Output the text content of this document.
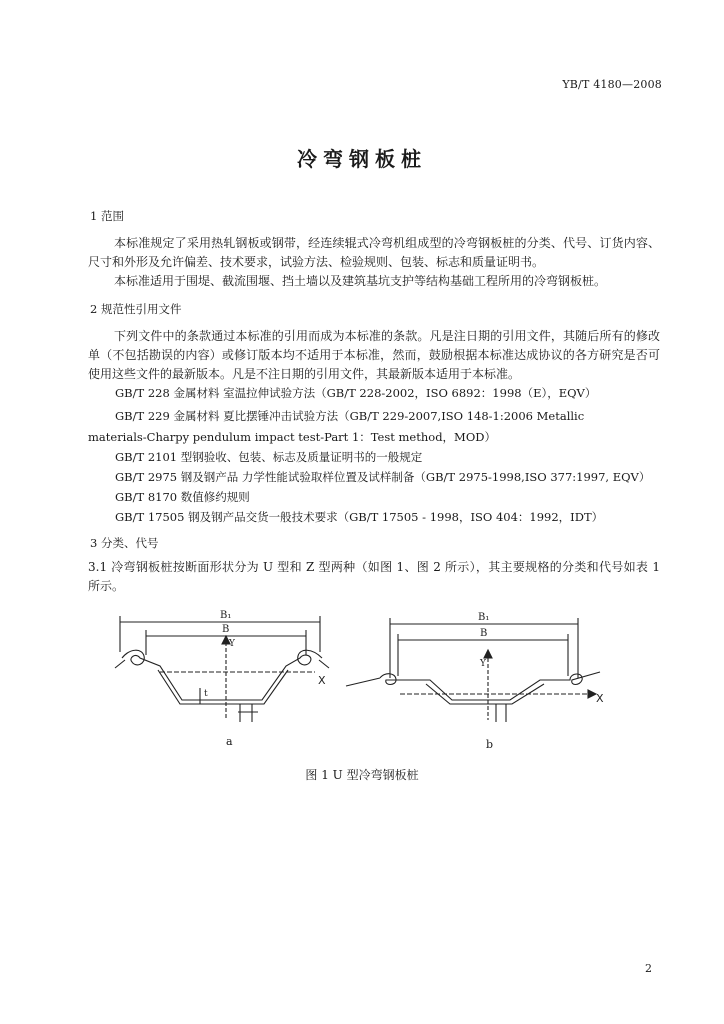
YB/T 4180—2008
冷弯钢板桩
1 范围

本标准规定了采用热轧钢板或钢带，经连续辊式冷弯机组成型的冷弯钢板桩的分类、代号、订货内容、尺寸和外形及允许偏差、技术要求，试验方法、检验规则、包装、标志和质量证明书。

本标准适用于围堤、截流围堰、挡土墙以及建筑基坑支护等结构基础工程所用的冷弯钢板桩。

2 规范性引用文件

下列文件中的条款通过本标准的引用而成为本标准的条款。凡是注日期的引用文件，其随后所有的修改单（不包括勘误的内容）或修订版本均不适用于本标准，然而，鼓励根据本标准达成协议的各方研究是否可使用这些文件的最新版本。凡是不注日期的引用文件，其最新版本适用于本标准。

GB/T 228 金属材料 室温拉伸试验方法（GB/T 228-2002，ISO 6892：1998（E），EQV）
GB/T 229 金属材料 夏比摆锤冲击试验方法（GB/T 229-2007,ISO 148-1:2006 Metallic
materials-Charpy pendulum impact test-Part 1：Test method，MOD）
GB/T 2101 型钢验收、包装、标志及质量证明书的一般规定
GB/T 2975 钢及钢产品 力学性能试验取样位置及试样制备（GB/T 2975-1998,ISO 377:1997, EQV）
GB/T 8170 数值修约规则
GB/T 17505 钢及钢产品交货一般技术要求（GB/T 17505 - 1998，ISO 404：1992，IDT）
3 分类、代号

3.1 冷弯钢板桩按断面形状分为 U 型和 Z 型两种（如图 1、图 2 所示），其主要规格的分类和代号如表 1 所示。

B₁
B
Y
X
t
B₁
B
Y
X
a	b
图 1 U 型冷弯钢板桩
2
